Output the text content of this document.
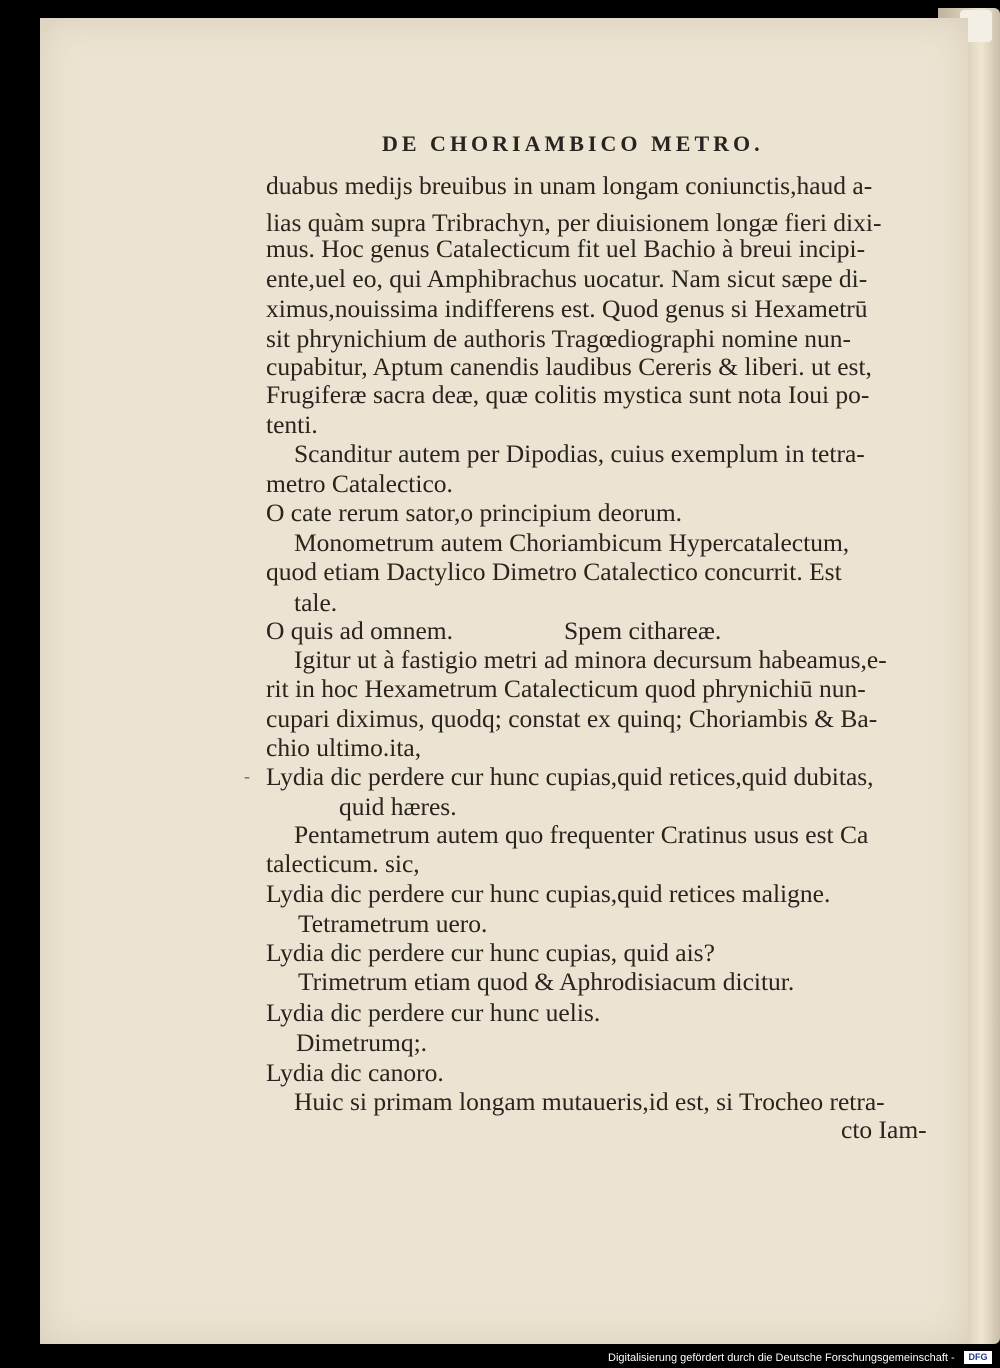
DE CHORIAMBICO METRO.
duabus medijs breuibus in unam longam coniunctis,haud a-
lias quàm supra Tribrachyn, per diuisionem longæ fieri dixi-
mus. Hoc genus Catalecticum fit uel Bachio à breui incipi-
ente,uel eo, qui Amphibrachus uocatur. Nam sicut sæpe di-
ximus,nouissima indifferens est. Quod genus si Hexametrū
sit phrynichium de authoris Tragœdiographi nomine nun-
cupabitur, Aptum canendis laudibus Cereris & liberi. ut est,
Frugiferæ sacra deæ, quæ colitis mystica sunt nota Ioui po-
tenti.
Scanditur autem per Dipodias, cuius exemplum in tetra-
metro Catalectico.
O cate rerum sator,o principium deorum.
Monometrum autem Choriambicum Hypercatalectum,
quod etiam Dactylico Dimetro Catalectico concurrit. Est
tale.
O quis ad omnem.	Spem cithareæ.
Igitur ut à fastigio metri ad minora decursum habeamus,e-
rit in hoc Hexametrum Catalecticum quod phrynichiū nun-
cupari diximus, quodq; constat ex quinq; Choriambis & Ba-
chio ultimo.ita,
Lydia dic perdere cur hunc cupias,quid retices,quid dubitas,
quid hæres.
Pentametrum autem quo frequenter Cratinus usus est Ca
talecticum. sic,
Lydia dic perdere cur hunc cupias,quid retices maligne.
Tetrametrum uero.
Lydia dic perdere cur hunc cupias, quid ais?
Trimetrum etiam quod & Aphrodisiacum dicitur.
Lydia dic perdere cur hunc uelis.
Dimetrumq;.
Lydia dic canoro.
Huic si primam longam mutaueris,id est, si Trocheo retra-
cto Iam-
-
Digitalisierung gefördert durch die Deutsche Forschungsgemeinschaft -	DFG
